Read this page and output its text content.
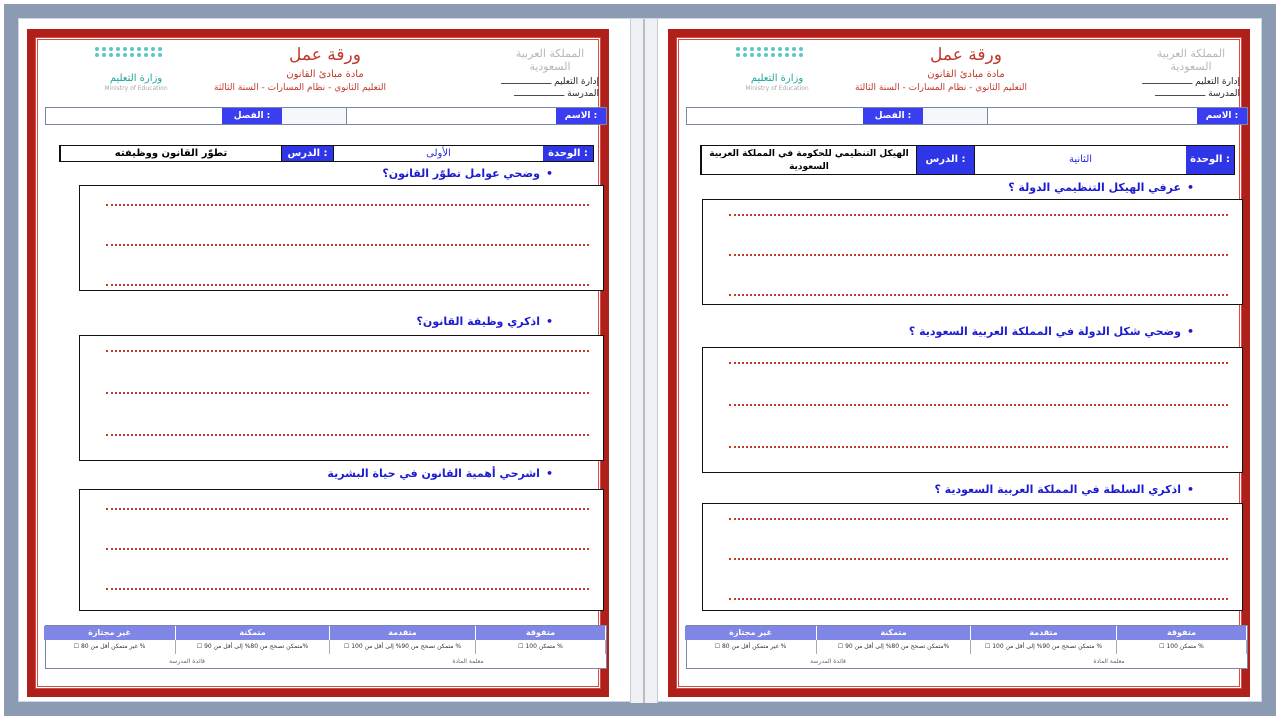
المملكة العربية السعودية
إدارة التعليم ـــــــــــــــــــ
المدرسة ـــــــــــــــــــ
ورقة عمل
مادة مبادئ القانون
التعليم الثانوي - نظام المسارات - السنة الثالثة
وزارة التعليم
Ministry of Education
الاسم :
الفصل :
الوحدة :
الأولى
الدرس :
تطوّر القانون ووظيفته
•وضحي عوامل تطوّر القانون؟
•اذكري وظيفة القانون؟
•اشرحي أهمية القانون في حياة البشرية
متفوقة
متقدمة
متمكنة
غير مجتازة
☐ متمكن 100 %
☐ متمكن تصحح من 90% إلى أقل من 100 %
☐ متمكن تصحح من 80% إلى أقل من 90%
☐ غير متمكن أقل من 80 %
معلمة المادة
قائدة المدرسة
المملكة العربية السعودية
إدارة التعليم ـــــــــــــــــــ
المدرسة ـــــــــــــــــــ
ورقة عمل
مادة مبادئ القانون
التعليم الثانوي - نظام المسارات - السنة الثالثة
وزارة التعليم
Ministry of Education
الاسم :
الفصل :
الوحدة :
الثانية
الدرس :
الهيكل التنظيمي للحكومة في المملكة العربية السعودية
•عرفي الهيكل التنظيمي الدولة ؟
•وضحي شكل الدولة في المملكة العربية السعودية ؟
•اذكري السلطة في المملكة العربية السعودية ؟
متفوقة
متقدمة
متمكنة
غير مجتازة
☐ متمكن 100 %
☐ متمكن تصحح من 90% إلى أقل من 100 %
☐ متمكن تصحح من 80% إلى أقل من 90%
☐ غير متمكن أقل من 80 %
معلمة المادة
قائدة المدرسة
